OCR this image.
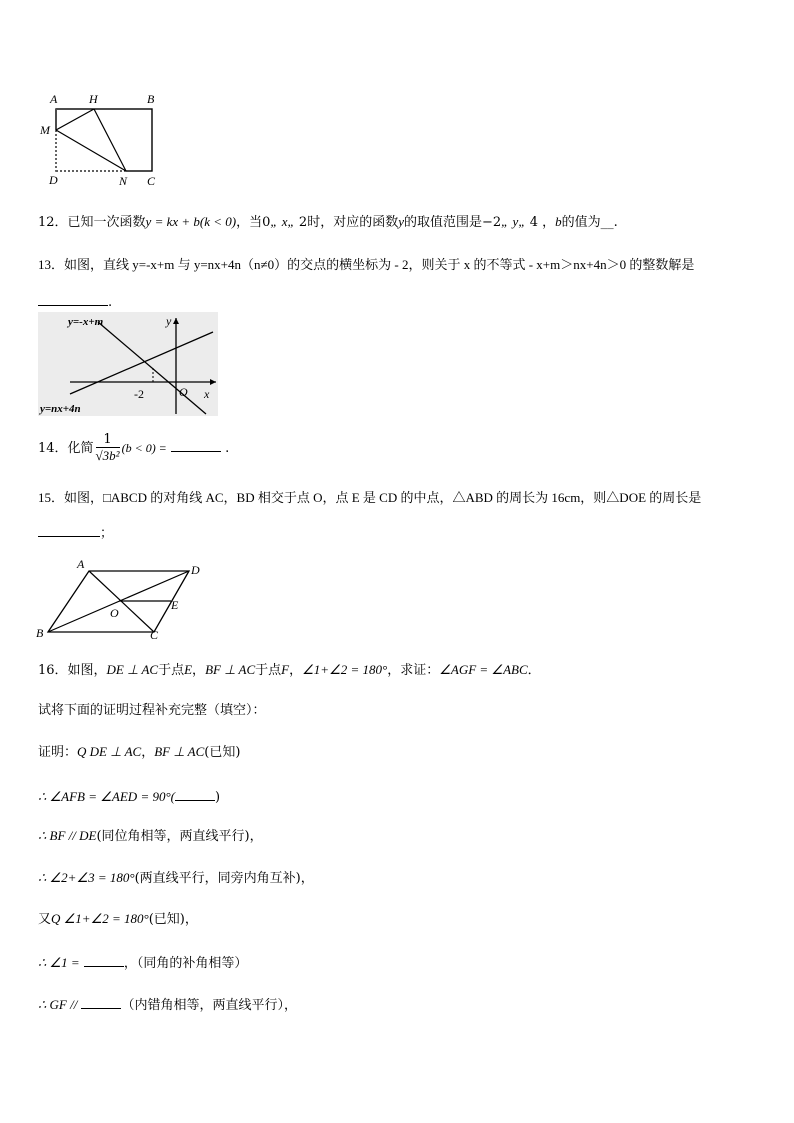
A	H	B
M
D	N C
12．已知一次函数y = kx + b(k < 0)，当0„ x„ 2时，对应的函数y的取值范围是−2„ y„ 4 ，b的值为__.
13．如图，直线 y=-x+m 与 y=nx+4n（n≠0）的交点的横坐标为 - 2，则关于 x 的不等式 - x+m＞nx+4n＞0 的整数解是
.
y=-x+m	y
-2	O x
y=nx+4n
14．化简 $\frac{1}{\text{√3b²}} (b < 0)$ =	.
15．如图，□ABCD 的对角线 AC，BD 相交于点 O，点 E 是 CD 的中点，△ABD 的周长为 16cm，则△DOE 的周长是
；
A	D
O
E
B	C
16．如图，DE ⊥ AC于点E，BF ⊥ AC于点F，∠1+∠2 = 180°，求证：∠AGF = ∠ABC．
试将下面的证明过程补充完整（填空）：
证明：Q DE ⊥ AC，BF ⊥ AC(已知)
∴ ∠AFB = ∠AED = 90°(	)
∴ BF // DE(同位角相等，两直线平行)，
∴ ∠2+∠3 = 180°(两直线平行，同旁内角互补)，
又Q ∠1+∠2 = 180°(已知)，
∴ ∠1 =	，（同角的补角相等）
∴ GF //	（内错角相等，两直线平行），
